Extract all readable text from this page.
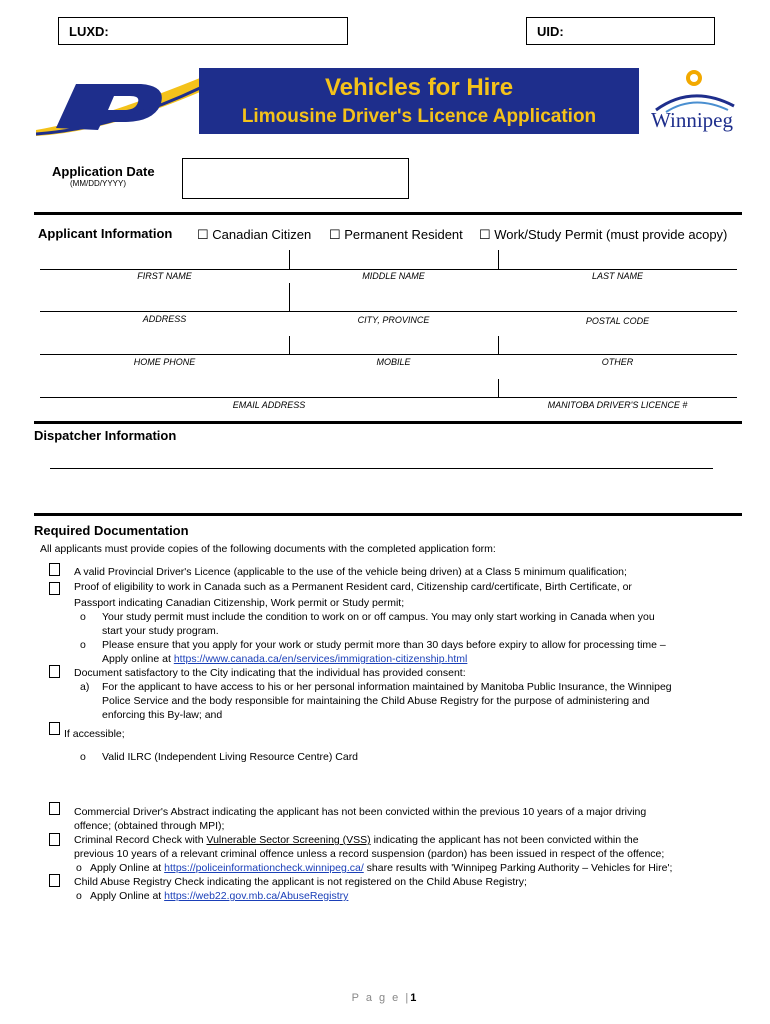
LUXD:	UID:
Vehicles for Hire
Limousine Driver's Licence Application	Winnipeg
Application Date
(MM/DD/YYYY)
Applicant Information ☐ Canadian Citizen ☐ Permanent Resident ☐ Work/Study Permit (must provide acopy)
FIRST NAME	MIDDLE NAME	LAST NAME
ADDRESS	CITY, PROVINCE	POSTAL CODE
HOME PHONE	MOBILE	OTHER
EMAIL ADDRESS	MANITOBA DRIVER'S LICENCE #
Dispatcher Information
Required Documentation
All applicants must provide copies of the following documents with the completed application form:
A valid Provincial Driver's Licence (applicable to the use of the vehicle being driven) at a Class 5 minimum qualification;
Proof of eligibility to work in Canada such as a Permanent Resident card, Citizenship card/certificate, Birth Certificate, or
Passport indicating Canadian Citizenship, Work permit or Study permit;
o Your study permit must include the condition to work on or off campus. You may only start working in Canada when you
start your study program.
o Please ensure that you apply for your work or study permit more than 30 days before expiry to allow for processing time –
Apply online at https://www.canada.ca/en/services/immigration-citizenship.html
Document satisfactory to the City indicating that the individual has provided consent:
a) For the applicant to have access to his or her personal information maintained by Manitoba Public Insurance, the Winnipeg
Police Service and the body responsible for maintaining the Child Abuse Registry for the purpose of administering and
enforcing this By-law; and
If accessible;
o Valid ILRC (Independent Living Resource Centre) Card
Commercial Driver's Abstract indicating the applicant has not been convicted within the previous 10 years of a major driving
offence; (obtained through MPI);
Criminal Record Check with Vulnerable Sector Screening (VSS) indicating the applicant has not been convicted within the
previous 10 years of a relevant criminal offence unless a record suspension (pardon) has been issued in respect of the offence;
o Apply Online at https://policeinformationcheck.winnipeg.ca/ share results with 'Winnipeg Parking Authority – Vehicles for Hire';
Child Abuse Registry Check indicating the applicant is not registered on the Child Abuse Registry;
o Apply Online at https://web22.gov.mb.ca/AbuseRegistry
P a g e |1
